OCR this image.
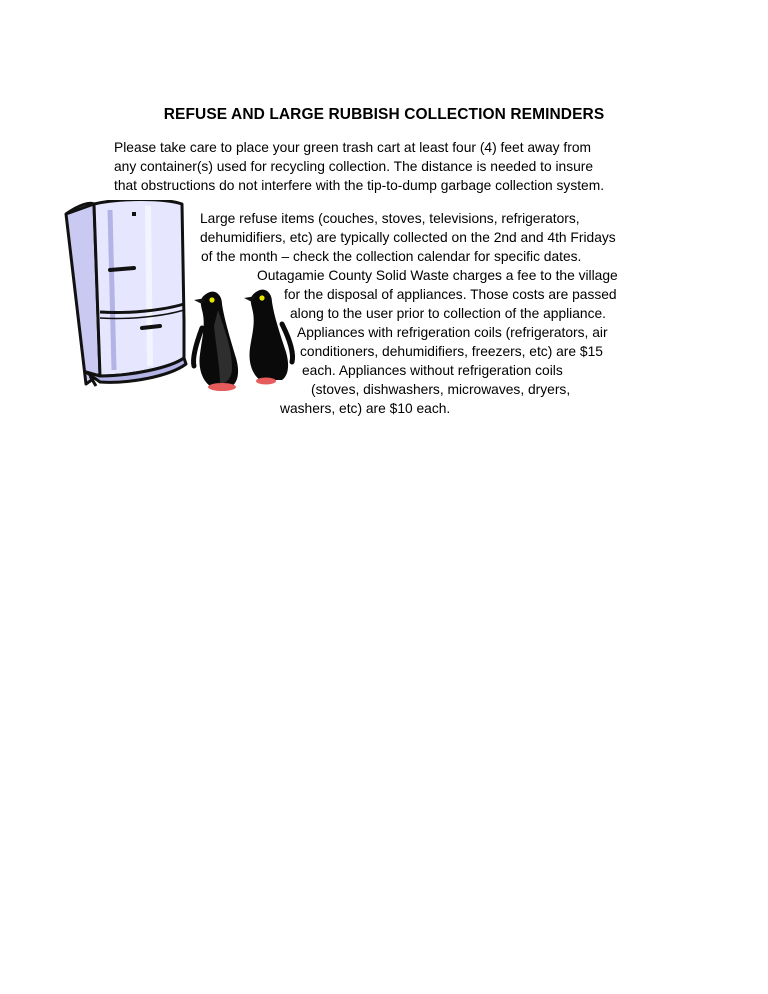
REFUSE AND LARGE RUBBISH COLLECTION REMINDERS
Please take care to place your green trash cart at least four (4) feet away from
any container(s) used for recycling collection. The distance is needed to insure
that obstructions do not interfere with the tip-to-dump garbage collection system.
Large refuse items (couches, stoves, televisions, refrigerators,
dehumidifiers, etc) are typically collected on the 2nd and 4th Fridays
of the month – check the collection calendar for specific dates.
Outagamie County Solid Waste charges a fee to the village
for the disposal of appliances. Those costs are passed
along to the user prior to collection of the appliance.
Appliances with refrigeration coils (refrigerators, air
conditioners, dehumidifiers, freezers, etc) are $15
each. Appliances without refrigeration coils
(stoves, dishwashers, microwaves, dryers,
washers, etc) are $10 each.
